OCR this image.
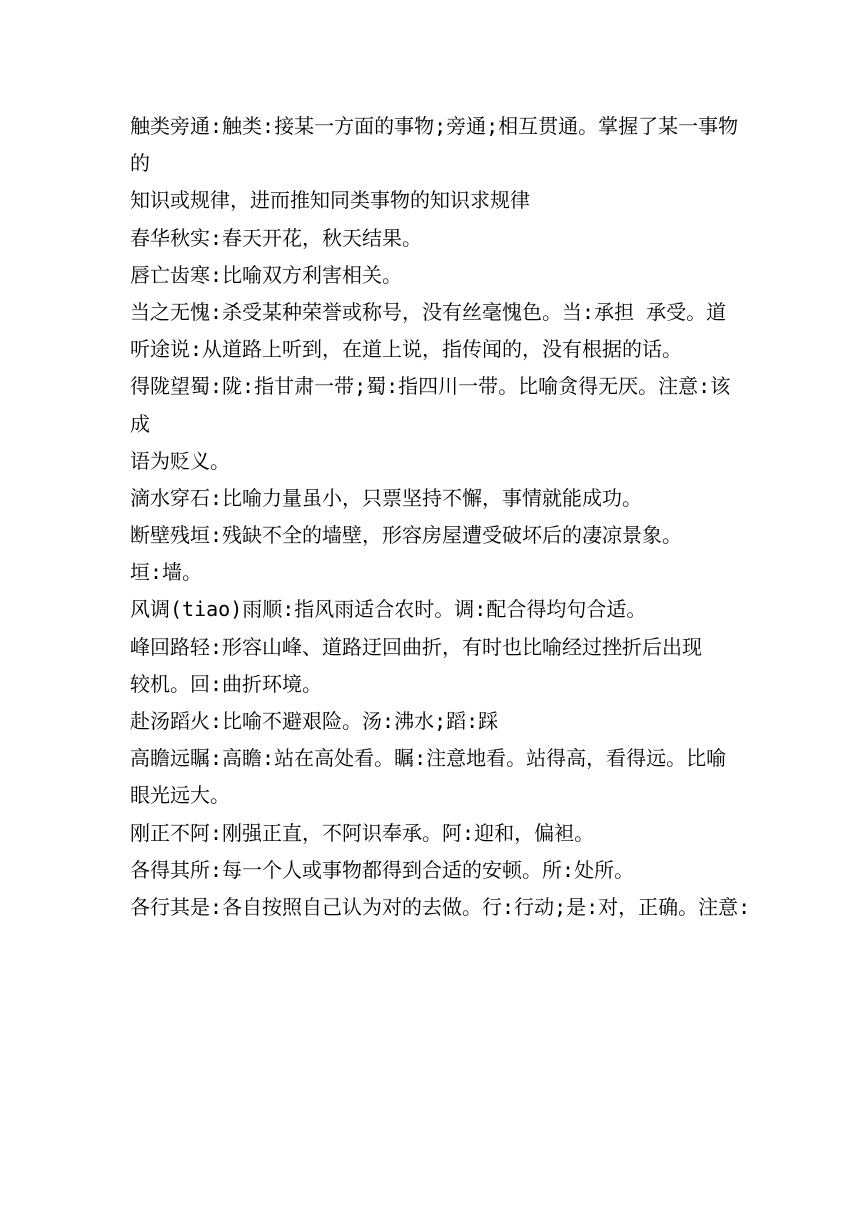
触类旁通:触类:接某一方面的事物;旁通;相互贯通。掌握了某一事物
的
知识或规律，进而推知同类事物的知识求规律
春华秋实:春天开花，秋天结果。
唇亡齿寒:比喻双方利害相关。
当之无愧:杀受某种荣誉或称号，没有丝毫愧色。当:承担 承受。道
听途说:从道路上听到，在道上说，指传闻的，没有根据的话。
得陇望蜀:陇:指甘肃一带;蜀:指四川一带。比喻贪得无厌。注意:该
成
语为贬义。
滴水穿石:比喻力量虽小，只票坚持不懈，事情就能成功。
断壁残垣:残缺不全的墙壁，形容房屋遭受破坏后的凄凉景象。
垣:墙。
风调(tiao)雨顺:指风雨适合农时。调:配合得均句合适。
峰回路轻:形容山峰、道路迂回曲折，有时也比喻经过挫折后出现
较机。回:曲折环境。
赴汤蹈火:比喻不避艰险。汤:沸水;蹈:踩
高瞻远瞩:高瞻:站在高处看。瞩:注意地看。站得高，看得远。比喻
眼光远大。
刚正不阿:刚强正直，不阿识奉承。阿:迎和，偏袒。
各得其所:每一个人或事物都得到合适的安顿。所:处所。
各行其是:各自按照自己认为对的去做。行:行动;是:对，正确。注意:
